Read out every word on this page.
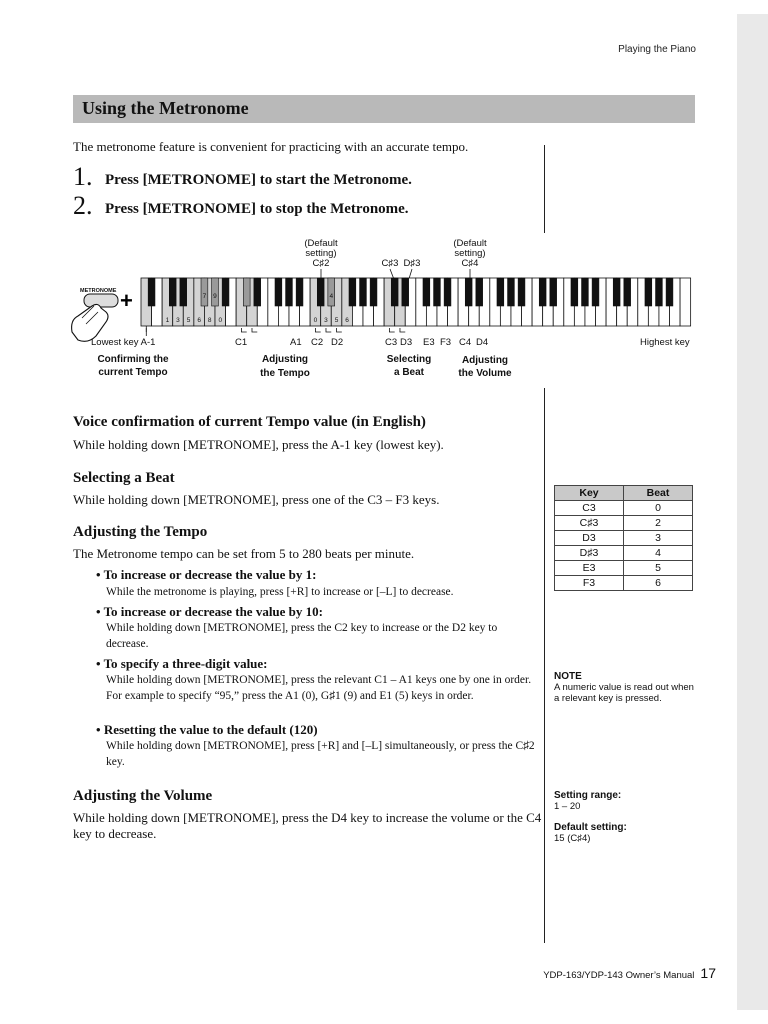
Playing the Piano
Using the Metronome
The metronome feature is convenient for practicing with an accurate tempo.
1. Press [METRONOME] to start the Metronome.
2. Press [METRONOME] to stop the Metronome.
(Default
setting)
C♯2	C♯3 D♯3
(Default
setting)
C♯4
METRONOME +
1 3 5 6 8 0
2 4	7 9
0 3 5 6
2 4
Lowest key A-1	C1	A1 C2 D2	C3 D3 E3 F3 C4 D4	Highest key
Confirming the
current Tempo
Adjusting
the Tempo
Selecting
a Beat
Adjusting
the Volume
Voice confirmation of current Tempo value (in English)
While holding down [METRONOME], press the A-1 key (lowest key).
Selecting a Beat
While holding down [METRONOME], press one of the C3 – F3 keys.
Adjusting the Tempo
The Metronome tempo can be set from 5 to 280 beats per minute.
• To increase or decrease the value by 1:
While the metronome is playing, press [+R] to increase or [–L] to decrease.
• To increase or decrease the value by 10:
While holding down [METRONOME], press the C2 key to increase or the D2 key to decrease.
• To specify a three-digit value:
While holding down [METRONOME], press the relevant C1 – A1 keys one by one in order. For example to specify “95,” press the A1 (0), G♯1 (9) and E1 (5) keys in order.
• Resetting the value to the default (120)
While holding down [METRONOME], press [+R] and [–L] simultaneously, or press the C♯2 key.
Adjusting the Volume
While holding down [METRONOME], press the D4 key to increase the volume or the C4 key to decrease.
Key	Beat
C3	0
C♯3	2
D3	3
D♯3	4
E3	5
F3	6
NOTE
A numeric value is read out when a relevant key is pressed.
Setting range:
1 – 20

Default setting:
15 (C♯4)
YDP-163/YDP-143 Owner’s Manual 17
